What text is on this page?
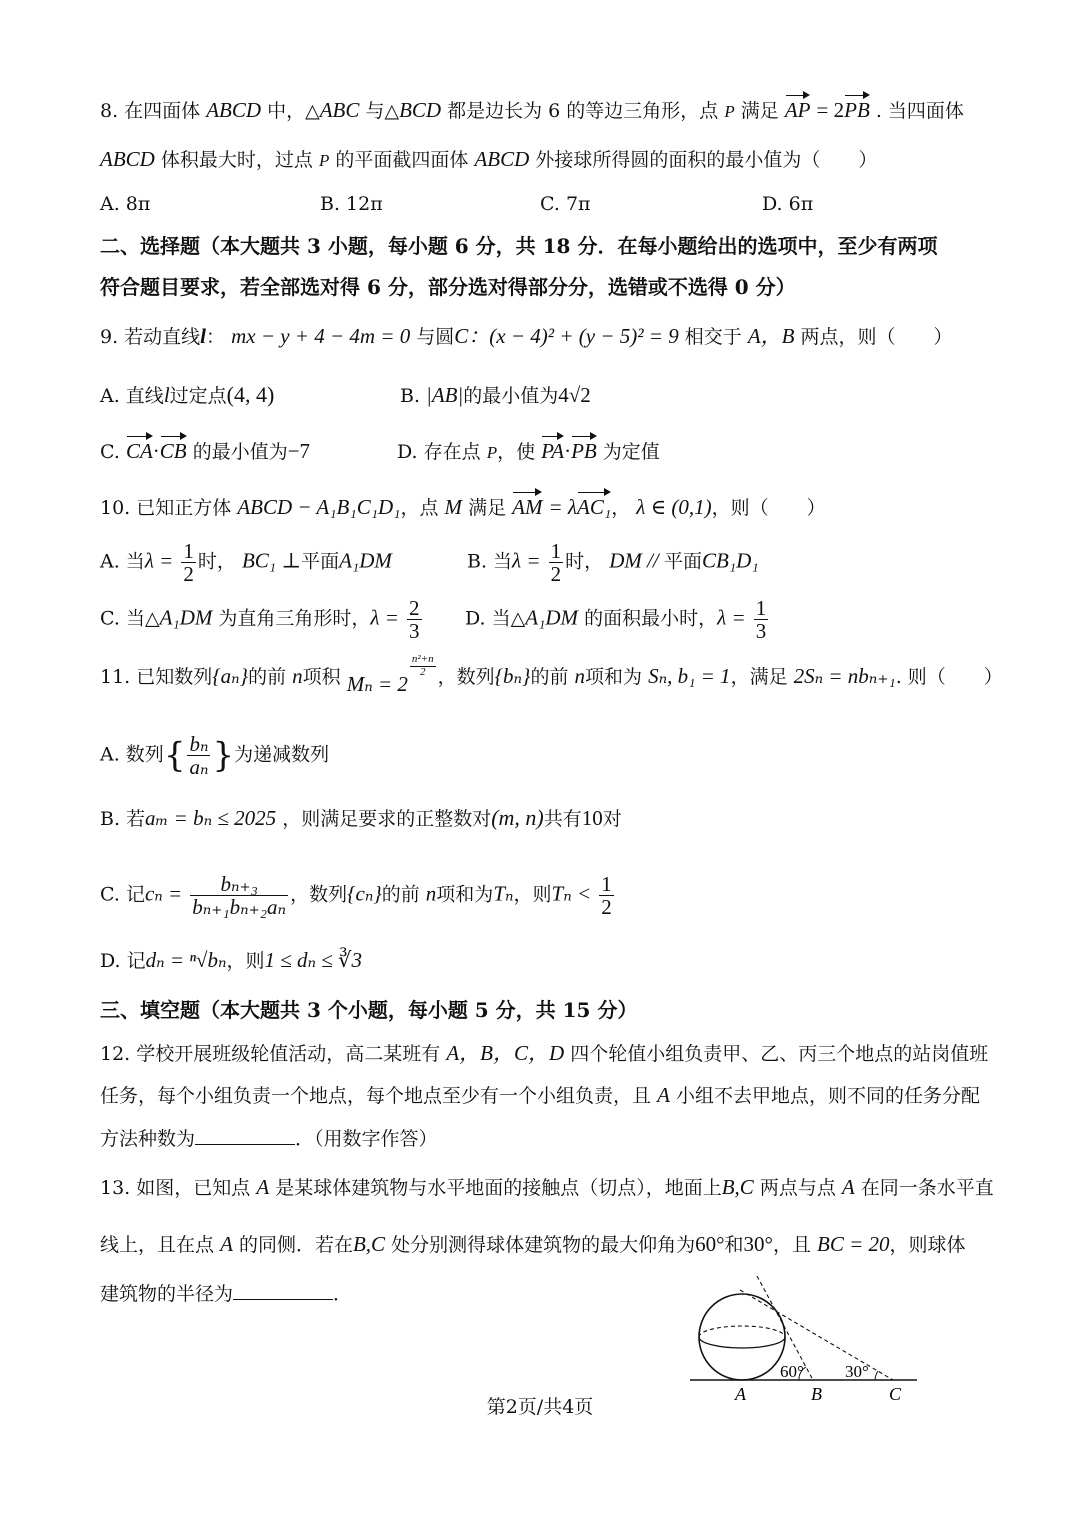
8. 在四面体 ABCD 中，△ABC 与△BCD 都是边长为 6 的等边三角形，点 P 满足 AP = 2PB . 当四面体
ABCD 体积最大时，过点 P 的平面截四面体 ABCD 外接球所得圆的面积的最小值为（　　）
A. 8π	B. 12π	C. 7π	D. 6π
二、选择题（本大题共 3 小题，每小题 6 分，共 18 分．在每小题给出的选项中，至少有两项
符合题目要求，若全部选对得 6 分，部分选对得部分分，选错或不选得 0 分）
9. 若动直线l： mx − y + 4 − 4m = 0 与圆C：(x − 4)² + (y − 5)² = 9 相交于 A，B 两点，则（　　）
A. 直线l过定点(4, 4)	B. |AB|的最小值为4√2
C. CA·CB 的最小值为−7	D. 存在点 P，使 PA·PB 为定值
10. 已知正方体 ABCD − A₁B₁C₁D₁，点 M 满足 AM = λAC₁， λ ∈ (0,1)，则（　　）
A. 当$\lambda = \frac{1}{2}$ 时， BC₁ ⊥平面A₁DM	B. 当$\lambda = \frac{1}{2}$ 时， DM // 平面CB₁D₁
C. 当△A₁DM 为直角三角形时，$\lambda = \frac{2}{3} D$. 当△A₁DM 的面积最小时，$\lambda = \frac{1}{3}$
11. 已知数列{aₙ}的前 n项积 Mₙ = 2
$\frac{\text{n²+n}}{2}$ ，数列{bₙ}的前 n项和为 Sₙ, b₁ = 1，满足 2Sₙ = nbₙ₊₁. 则（　　）
A. 数列{ $\frac{\text{bₙ}}{\text{aₙ}}$ }为递减数列
B. 若aₘ = bₙ ≤ 2025 ，则满足要求的正整数对(m, n)共有10对
C. 记$c_n = \frac{\text{bₙ₊₃}}{\text{bₙ₊₁bₙ₊₂aₙ}}$ ，数列{cₙ}的前 n项和为Tₙ，则$T_n < \frac{1}{2}$
D. 记dₙ = ⁿ√bₙ，则1 ≤ dₙ ≤ ∛3
三、填空题（本大题共 3 个小题，每小题 5 分，共 15 分）
12. 学校开展班级轮值活动，高二某班有 A，B，C，D 四个轮值小组负责甲、乙、丙三个地点的站岗值班
任务，每个小组负责一个地点，每个地点至少有一个小组负责，且 A 小组不去甲地点，则不同的任务分配
方法种数为	．（用数字作答）
13. 如图，已知点 A 是某球体建筑物与水平地面的接触点（切点），地面上B,C 两点与点 A 在同一条水平直
线上，且在点 A 的同侧．若在B,C 处分别测得球体建筑物的最大仰角为60°和30°，且 BC = 20，则球体
建筑物的半径为	．
60° 30°
A	B	C
第2页/共4页
